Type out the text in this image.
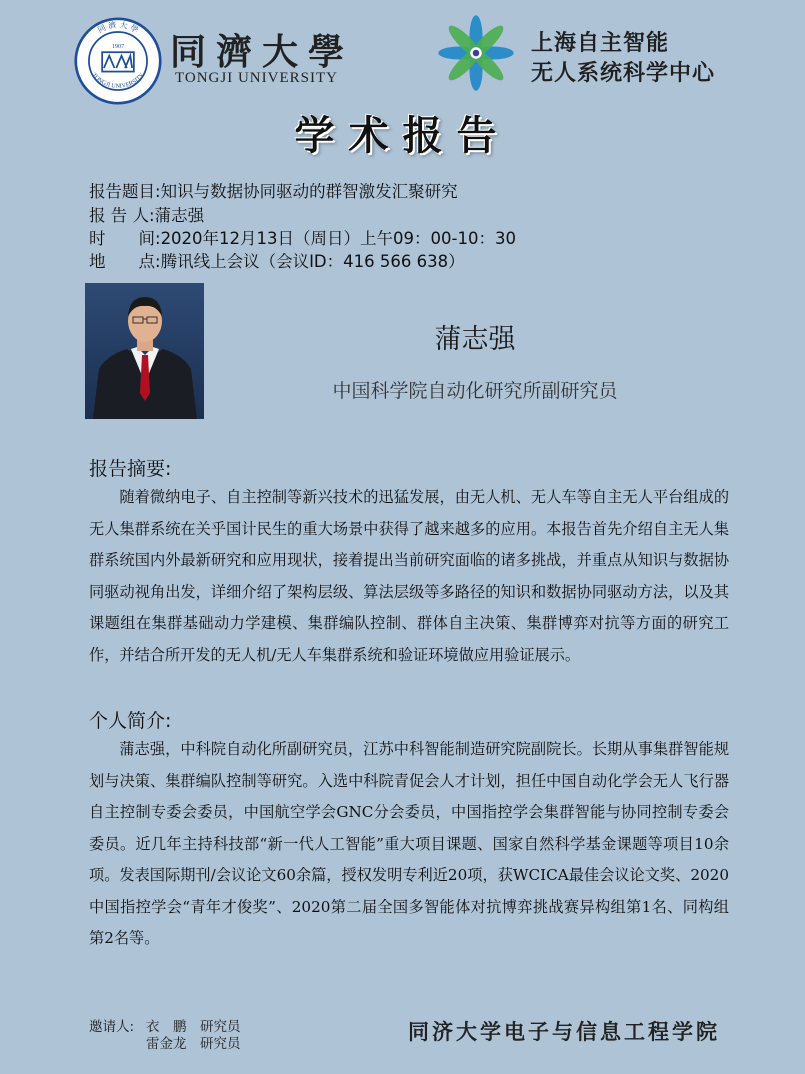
同 濟 大 學
TONGJI UNIVERSITY
1907 同濟大學
TONGJI UNIVERSITY
上海自主智能
无人系统科学中心
学术报告
报告题目:知识与数据协同驱动的群智激发汇聚研究
报 告 人:蒲志强
时　　间:2020年12月13日（周日）上午09：00-10：30
地　　点:腾讯线上会议（会议ID：416 566 638）
蒲志强
中国科学院自动化研究所副研究员
报告摘要:
随着微纳电子、自主控制等新兴技术的迅猛发展，由无人机、无人车等自主无人平台组成的无人集群系统在关乎国计民生的重大场景中获得了越来越多的应用。本报告首先介绍自主无人集群系统国内外最新研究和应用现状，接着提出当前研究面临的诸多挑战，并重点从知识与数据协同驱动视角出发，详细介绍了架构层级、算法层级等多路径的知识和数据协同驱动方法，以及其课题组在集群基础动力学建模、集群编队控制、群体自主决策、集群博弈对抗等方面的研究工作，并结合所开发的无人机/无人车集群系统和验证环境做应用验证展示。
个人简介:
蒲志强，中科院自动化所副研究员，江苏中科智能制造研究院副院长。长期从事集群智能规划与决策、集群编队控制等研究。入选中科院青促会人才计划，担任中国自动化学会无人飞行器自主控制专委会委员，中国航空学会GNC分会委员，中国指控学会集群智能与协同控制专委会委员。近几年主持科技部“新一代人工智能”重大项目课题、国家自然科学基金课题等项目10余项。发表国际期刊/会议论文60余篇，授权发明专利近20项，获WCICA最佳会议论文奖、2020中国指控学会“青年才俊奖”、2020第二届全国多智能体对抗博弈挑战赛异构组第1名、同构组第2名等。
邀请人: 衣　鹏　研究员
雷金龙　研究员	同济大学电子与信息工程学院
